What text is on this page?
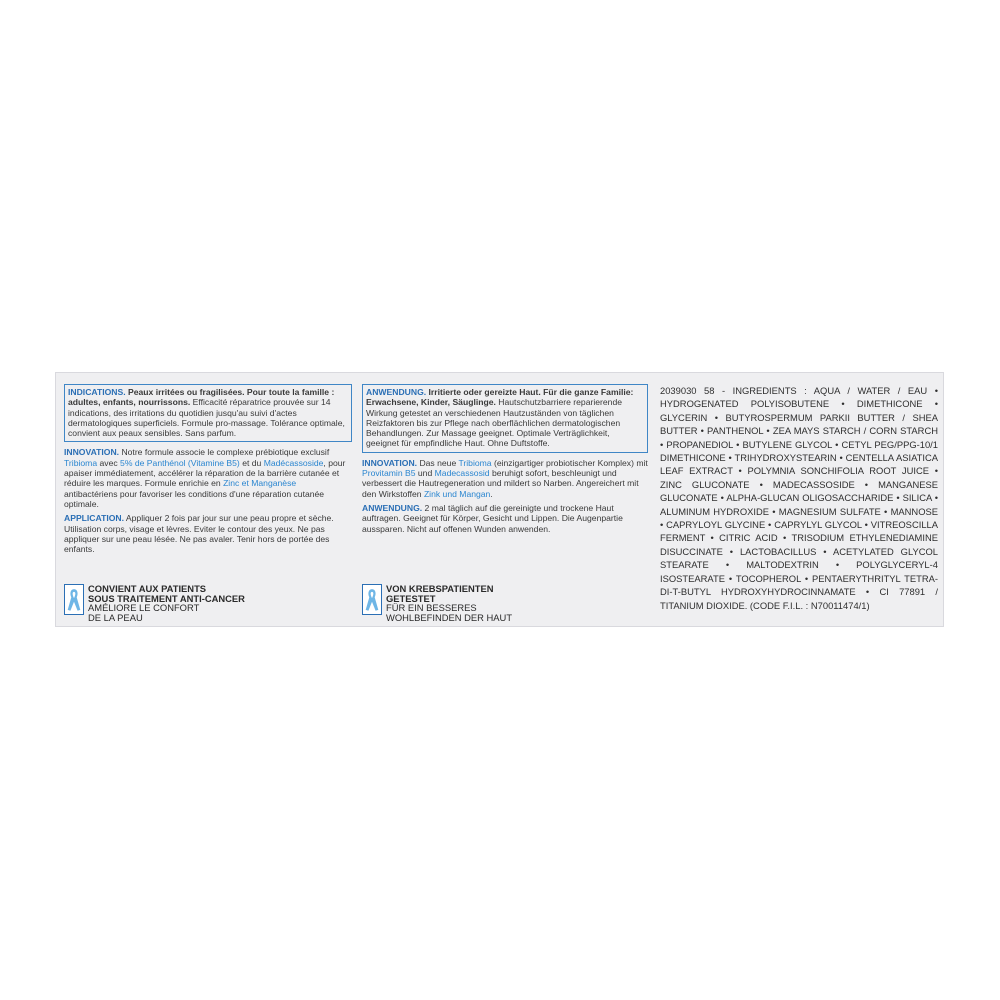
INDICATIONS. Peaux irritées ou fragilisées. Pour toute la famille : adultes, enfants, nourrissons. Efficacité réparatrice prouvée sur 14 indications, des irritations du quotidien jusqu'au suivi d'actes dermatologiques superficiels. Formule pro-massage. Tolérance optimale, convient aux peaux sensibles. Sans parfum.

INNOVATION. Notre formule associe le complexe prébiotique exclusif Tribioma avec 5% de Panthénol (Vitamine B5) et du Madécassoside, pour apaiser immédiatement, accélérer la réparation de la barrière cutanée et réduire les marques. Formule enrichie en Zinc et Manganèse antibactériens pour favoriser les conditions d'une réparation cutanée optimale.

APPLICATION. Appliquer 2 fois par jour sur une peau propre et sèche. Utilisation corps, visage et lèvres. Eviter le contour des yeux. Ne pas appliquer sur une peau lésée. Ne pas avaler. Tenir hors de portée des enfants.

CONVIENT AUX PATIENTS
SOUS TRAITEMENT ANTI-CANCER
AMÉLIORE LE CONFORT
DE LA PEAU
ANWENDUNG. Irritierte oder gereizte Haut. Für die ganze Familie: Erwachsene, Kinder, Säuglinge. Hautschutzbarriere reparierende Wirkung getestet an verschiedenen Hautzuständen von täglichen Reizfaktoren bis zur Pflege nach oberflächlichen dermatologischen Behandlungen. Zur Massage geeignet. Optimale Verträglichkeit, geeignet für empfindliche Haut. Ohne Duftstoffe.

INNOVATION. Das neue Tribioma (einzigartiger probiotischer Komplex) mit Provitamin B5 und Madecassosid beruhigt sofort, beschleunigt und verbessert die Hautregeneration und mildert so Narben. Angereichert mit den Wirkstoffen Zink und Mangan.

ANWENDUNG. 2 mal täglich auf die gereinigte und trockene Haut auftragen. Geeignet für Körper, Gesicht und Lippen. Die Augenpartie aussparen. Nicht auf offenen Wunden anwenden.

VON KREBSPATIENTEN
GETESTET
FÜR EIN BESSERES
WOHLBEFINDEN DER HAUT
2039030 58 - INGREDIENTS : AQUA / WATER / EAU • HYDROGENATED POLYISOBUTENE • DIMETHICONE • GLYCERIN • BUTYROSPERMUM PARKII BUTTER / SHEA BUTTER • PANTHENOL • ZEA MAYS STARCH / CORN STARCH • PROPANEDIOL • BUTYLENE GLYCOL • CETYL PEG/PPG-10/1 DIMETHICONE • TRIHYDROXYSTEARIN • CENTELLA ASIATICA LEAF EXTRACT • POLYMNIA SONCHIFOLIA ROOT JUICE • ZINC GLUCONATE • MADECASSOSIDE • MANGANESE GLUCONATE • ALPHA-GLUCAN OLIGOSACCHARIDE • SILICA • ALUMINUM HYDROXIDE • MAGNESIUM SULFATE • MANNOSE • CAPRYLOYL GLYCINE • CAPRYLYL GLYCOL • VITREOSCILLA FERMENT • CITRIC ACID • TRISODIUM ETHYLENEDIAMINE DISUCCINATE • LACTOBACILLUS • ACETYLATED GLYCOL STEARATE • MALTODEXTRIN • POLYGLYCERYL-4 ISOSTEARATE • TOCOPHEROL • PENTAERYTHRITYL TETRA-DI-T-BUTYL HYDROXYHYDROCINNAMATE • CI 77891 / TITANIUM DIOXIDE. (CODE F.I.L. : N70011474/1)
